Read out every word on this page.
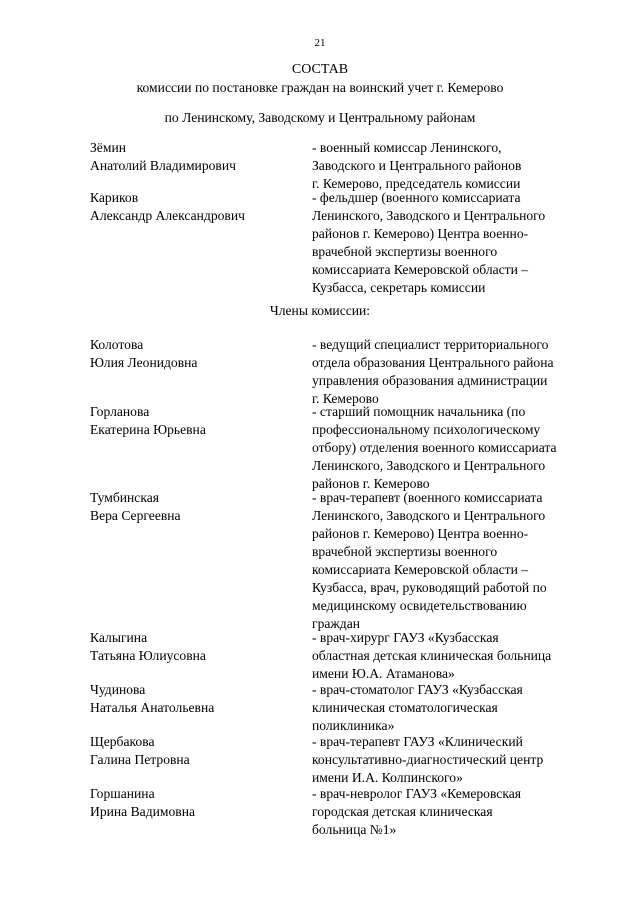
21
СОСТАВ
комиссии по постановке граждан на воинский учет г. Кемерово
по Ленинскому, Заводскому и Центральному районам
Зёмин
Анатолий Владимирович
- военный комиссар Ленинского,
Заводского и Центрального районов
г. Кемерово, председатель комиссии
Кариков
Александр Александрович
- фельдшер (военного комиссариата
Ленинского, Заводского и Центрального
районов г. Кемерово) Центра военно-
врачебной экспертизы военного
комиссариата Кемеровской области –
Кузбасса, секретарь комиссии
Члены комиссии:
Колотова
Юлия Леонидовна
- ведущий специалист территориального
отдела образования Центрального района
управления образования администрации
г. Кемерово
Горланова
Екатерина Юрьевна
- старший помощник начальника (по
профессиональному психологическому
отбору) отделения военного комиссариата
Ленинского, Заводского и Центрального
районов г. Кемерово
Тумбинская
Вера Сергеевна
- врач-терапевт (военного комиссариата
Ленинского, Заводского и Центрального
районов г. Кемерово) Центра военно-
врачебной экспертизы военного
комиссариата Кемеровской области –
Кузбасса, врач, руководящий работой по
медицинскому освидетельствованию
граждан
Калыгина
Татьяна Юлиусовна
- врач-хирург ГАУЗ «Кузбасская
областная детская клиническая больница
имени Ю.А. Атаманова»
Чудинова
Наталья Анатольевна
- врач-стоматолог ГАУЗ «Кузбасская
клиническая стоматологическая
поликлиника»
Щербакова
Галина Петровна
- врач-терапевт ГАУЗ «Клинический
консультативно-диагностический центр
имени И.А. Колпинского»
Горшанина
Ирина Вадимовна
- врач-невролог ГАУЗ «Кемеровская
городская детская клиническая
больница №1»
